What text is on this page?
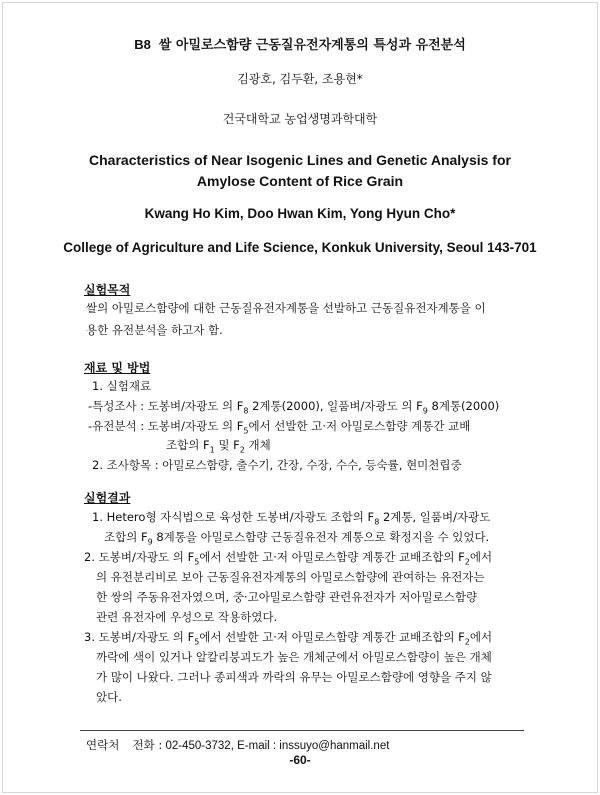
B8 쌀 아밀로스함량 근동질유전자계통의 특성과 유전분석
김광호, 김두환, 조용현*
건국대학교 농업생명과학대학
Characteristics of Near Isogenic Lines and Genetic Analysis for
Amylose Content of Rice Grain
Kwang Ho Kim, Doo Hwan Kim, Yong Hyun Cho*
College of Agriculture and Life Science, Konkuk University, Seoul 143-701
실험목적
쌀의 아밀로스함량에 대한 근동질유전자계통을 선발하고 근동질유전자계통을 이
용한 유전분석을 하고자 함.
재료 및 방법
1. 실험재료
-특성조사 : 도봉벼/자광도 의 $F_8$ 2계통(2000), 일품벼/자광도 의 $F_9$ 8계통(2000)
-유전분석 : 도봉벼/자광도 의 $F_5$에서 선발한 고·저 아밀로스함량 계통간 교배
조합의 $F_1$ 및 $F_2$ 개체
2. 조사항목 : 아밀로스함량, 출수기, 간장, 수장, 수수, 등숙률, 현미천립중
실험결과
1. Hetero형 자식법으로 육성한 도봉벼/자광도 조합의 $F_8$ 2계통, 일품벼/자광도
조합의 $F_9$ 8계통을 아밀로스함량 근동질유전자 계통으로 확정지을 수 있었다.
2. 도봉벼/자광도 의 $F_5$에서 선발한 고·저 아밀로스함량 계통간 교배조합의 $F_2$에서
의 유전분리비로 보아 근동질유전자계통의 아밀로스함량에 관여하는 유전자는
한 쌍의 주동유전자였으며, 중·고아밀로스함량 관련유전자가 저아밀로스함량
관련 유전자에 우성으로 작용하였다.
3. 도봉벼/자광도 의 $F_5$에서 선발한 고·저 아밀로스함량 계통간 교배조합의 $F_2$에서
까락에 색이 있거나 알칼리붕괴도가 높은 개체군에서 아밀로스함량이 높은 개체
가 많이 나왔다. 그러나 종피색과 까락의 유무는 아밀로스함량에 영향을 주지 않
았다.
연락처 전화 : 02-450-3732, E-mail : inssuyo@hanmail.net
-60-
